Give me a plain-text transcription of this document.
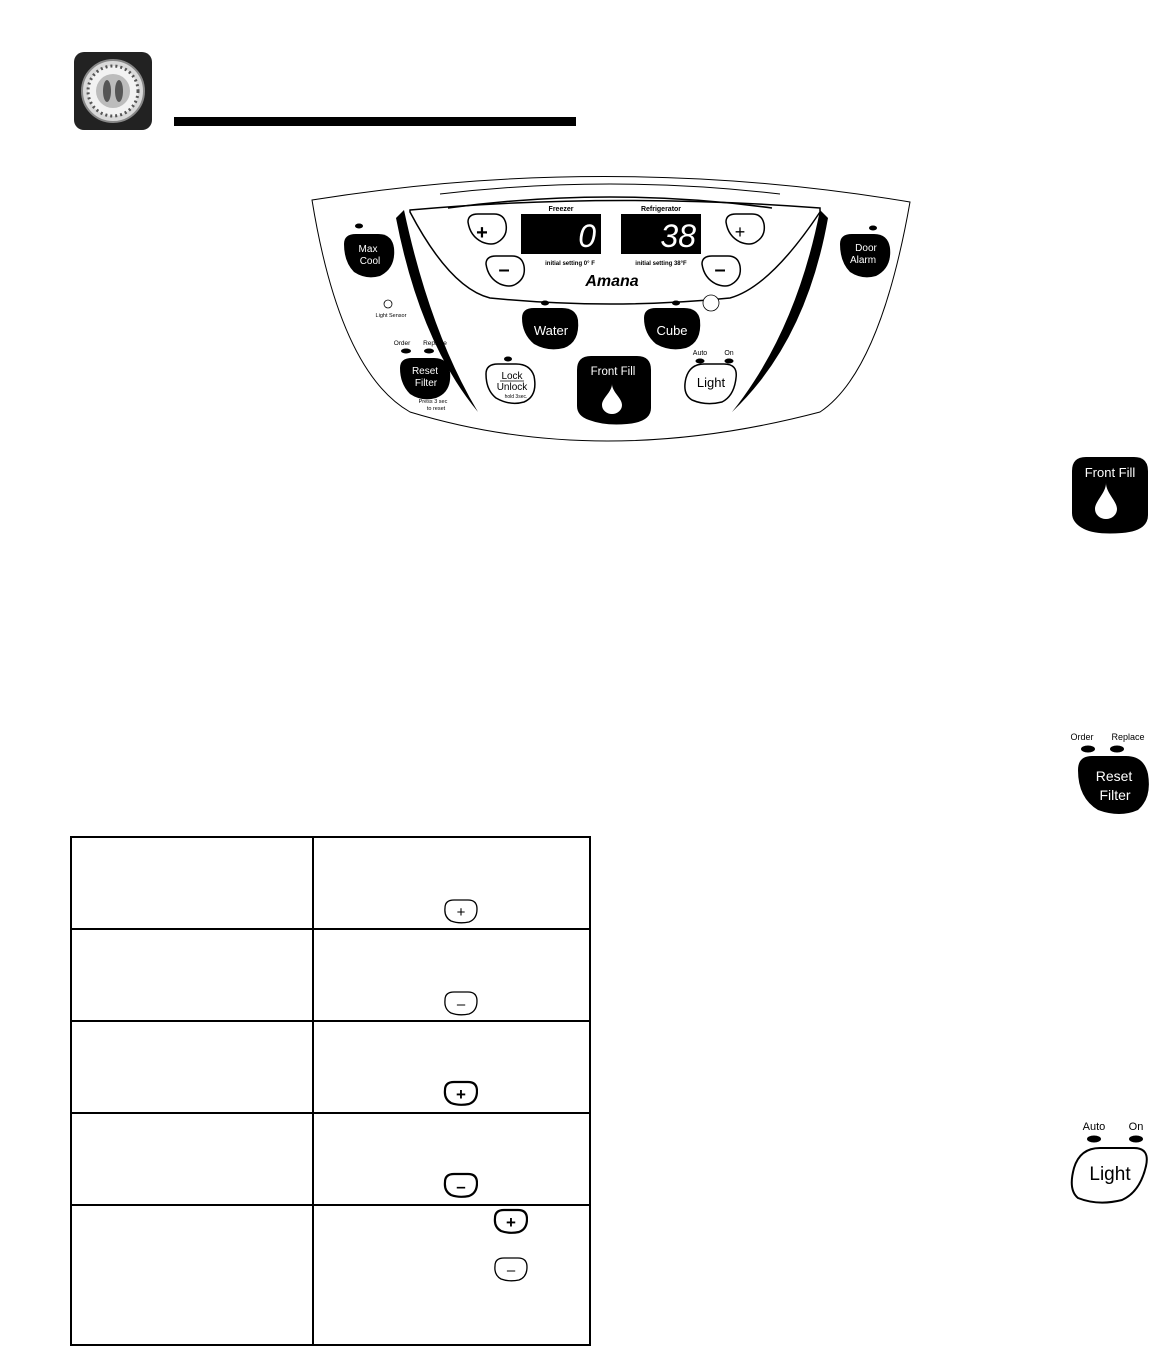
Freezer	Refrigerator
0 38
initial setting 0° F	initial setting 38°F
Amana
+
–
+
–
Max
Cool
Door
Alarm
Light Sensor
Water	Cube
Order Replace
Reset
Filter
Press 3 sec
to reset
Lock
Unlock
hold 3sec.
Front Fill
Auto On
Light
Front Fill
Order Replace
Reset
Filter
Auto On
Light

+

–

+

–

+
–
